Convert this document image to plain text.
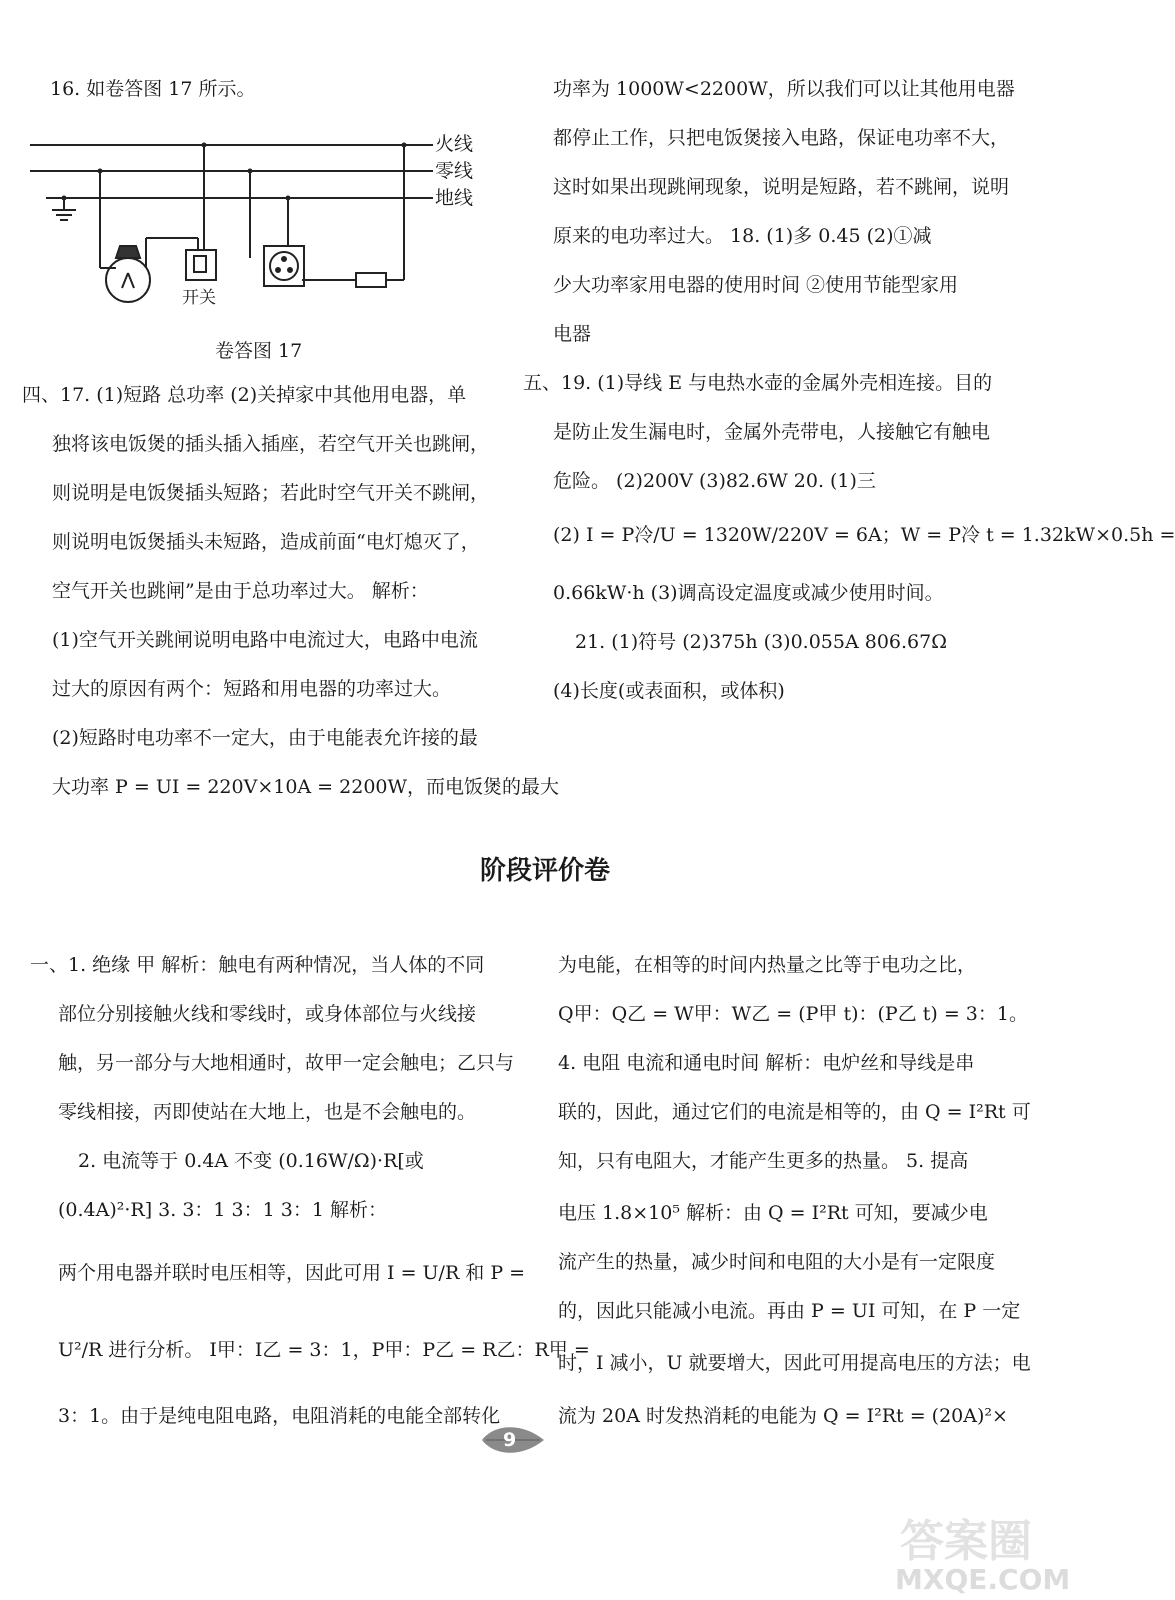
16. 如卷答图 17 所示。
火线
零线
地线
开关
卷答图 17
四、17. (1)短路 总功率 (2)关掉家中其他用电器，单
独将该电饭煲的插头插入插座，若空气开关也跳闸，
则说明是电饭煲插头短路；若此时空气开关不跳闸，
则说明电饭煲插头未短路，造成前面“电灯熄灭了，
空气开关也跳闸”是由于总功率过大。 解析：
(1)空气开关跳闸说明电路中电流过大，电路中电流
过大的原因有两个：短路和用电器的功率过大。
(2)短路时电功率不一定大，由于电能表允许接的最
大功率 P = UI = 220V×10A = 2200W，而电饭煲的最大
功率为 1000W<2200W，所以我们可以让其他用电器
都停止工作，只把电饭煲接入电路，保证电功率不大，
这时如果出现跳闸现象，说明是短路，若不跳闸，说明
原来的电功率过大。 18. (1)多 0.45 (2)①减
少大功率家用电器的使用时间 ②使用节能型家用
电器
五、19. (1)导线 E 与电热水壶的金属外壳相连接。目的
是防止发生漏电时，金属外壳带电，人接触它有触电
危险。 (2)200V (3)82.6W 20. (1)三
(2) I = P冷/U = 1320W/220V = 6A；W = P冷 t = 1.32kW×0.5h =
0.66kW·h (3)调高设定温度或减少使用时间。
21. (1)符号 (2)375h (3)0.055A 806.67Ω
(4)长度(或表面积，或体积)
阶段评价卷
一、1. 绝缘 甲 解析：触电有两种情况，当人体的不同
部位分别接触火线和零线时，或身体部位与火线接
触，另一部分与大地相通时，故甲一定会触电；乙只与
零线相接，丙即使站在大地上，也是不会触电的。
2. 电流等于 0.4A 不变 (0.16W/Ω)·R[或
(0.4A)²·R] 3. 3：1 3：1 3：1 解析：
两个用电器并联时电压相等，因此可用 I = U/R 和 P =
U²/R 进行分析。 I甲：I乙 = 3：1，P甲：P乙 = R乙：R甲 =
3：1。由于是纯电阻电路，电阻消耗的电能全部转化
为电能，在相等的时间内热量之比等于电功之比，
Q甲：Q乙 = W甲：W乙 = (P甲 t)：(P乙 t) = 3：1。
4. 电阻 电流和通电时间 解析：电炉丝和导线是串
联的，因此，通过它们的电流是相等的，由 Q = I²Rt 可
知，只有电阻大，才能产生更多的热量。 5. 提高
电压 1.8×10⁵ 解析：由 Q = I²Rt 可知，要减少电
流产生的热量，减少时间和电阻的大小是有一定限度
的，因此只能减小电流。再由 P = UI 可知，在 P 一定
时，I 减小，U 就要增大，因此可用提高电压的方法；电
流为 20A 时发热消耗的电能为 Q = I²Rt = (20A)²×
9
答案圈
MXQE.COM
